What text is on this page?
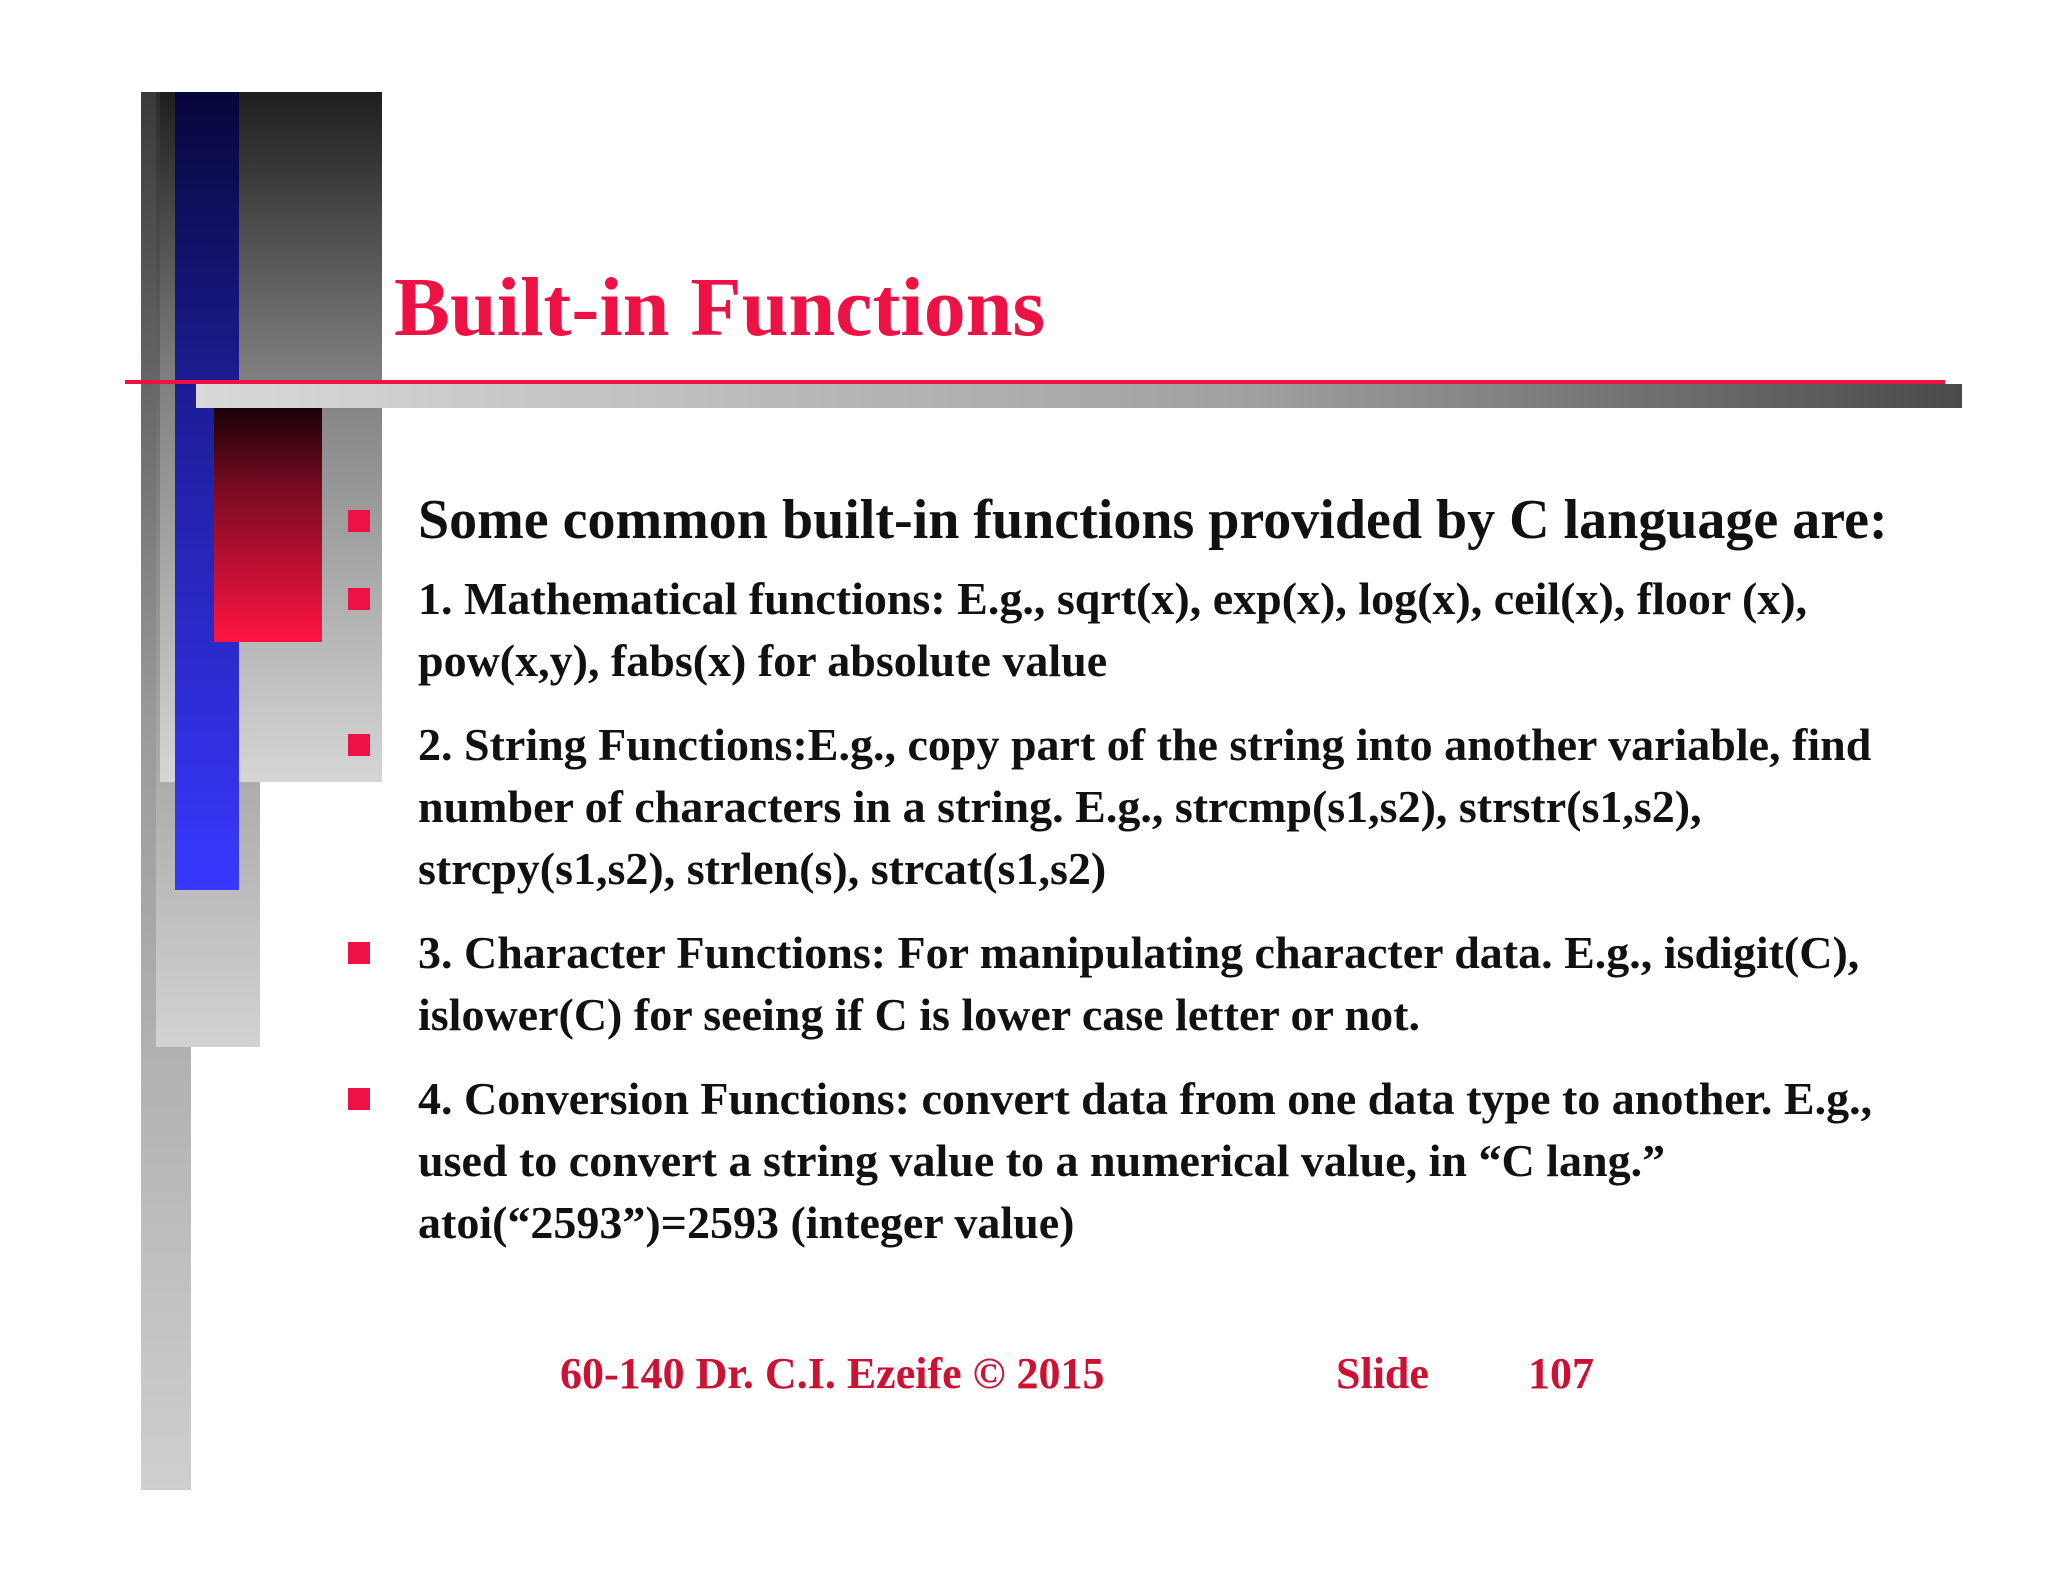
Built-in Functions
Some common built-in functions provided by C language are:
1. Mathematical functions: E.g., sqrt(x), exp(x), log(x), ceil(x), floor (x), pow(x,y), fabs(x) for absolute value
2. String Functions:E.g., copy part of the string into another variable, find number of characters in a string. E.g., strcmp(s1,s2), strstr(s1,s2), strcpy(s1,s2), strlen(s), strcat(s1,s2)
3. Character Functions: For manipulating character data. E.g., isdigit(C), islower(C) for seeing if C is lower case letter or not.
4. Conversion Functions: convert data from one data type to another. E.g., used to convert a string value to a numerical value, in “C lang.” atoi(“2593”)=2593 (integer value)
60-140 Dr. C.I. Ezeife © 2015	Slide 107
